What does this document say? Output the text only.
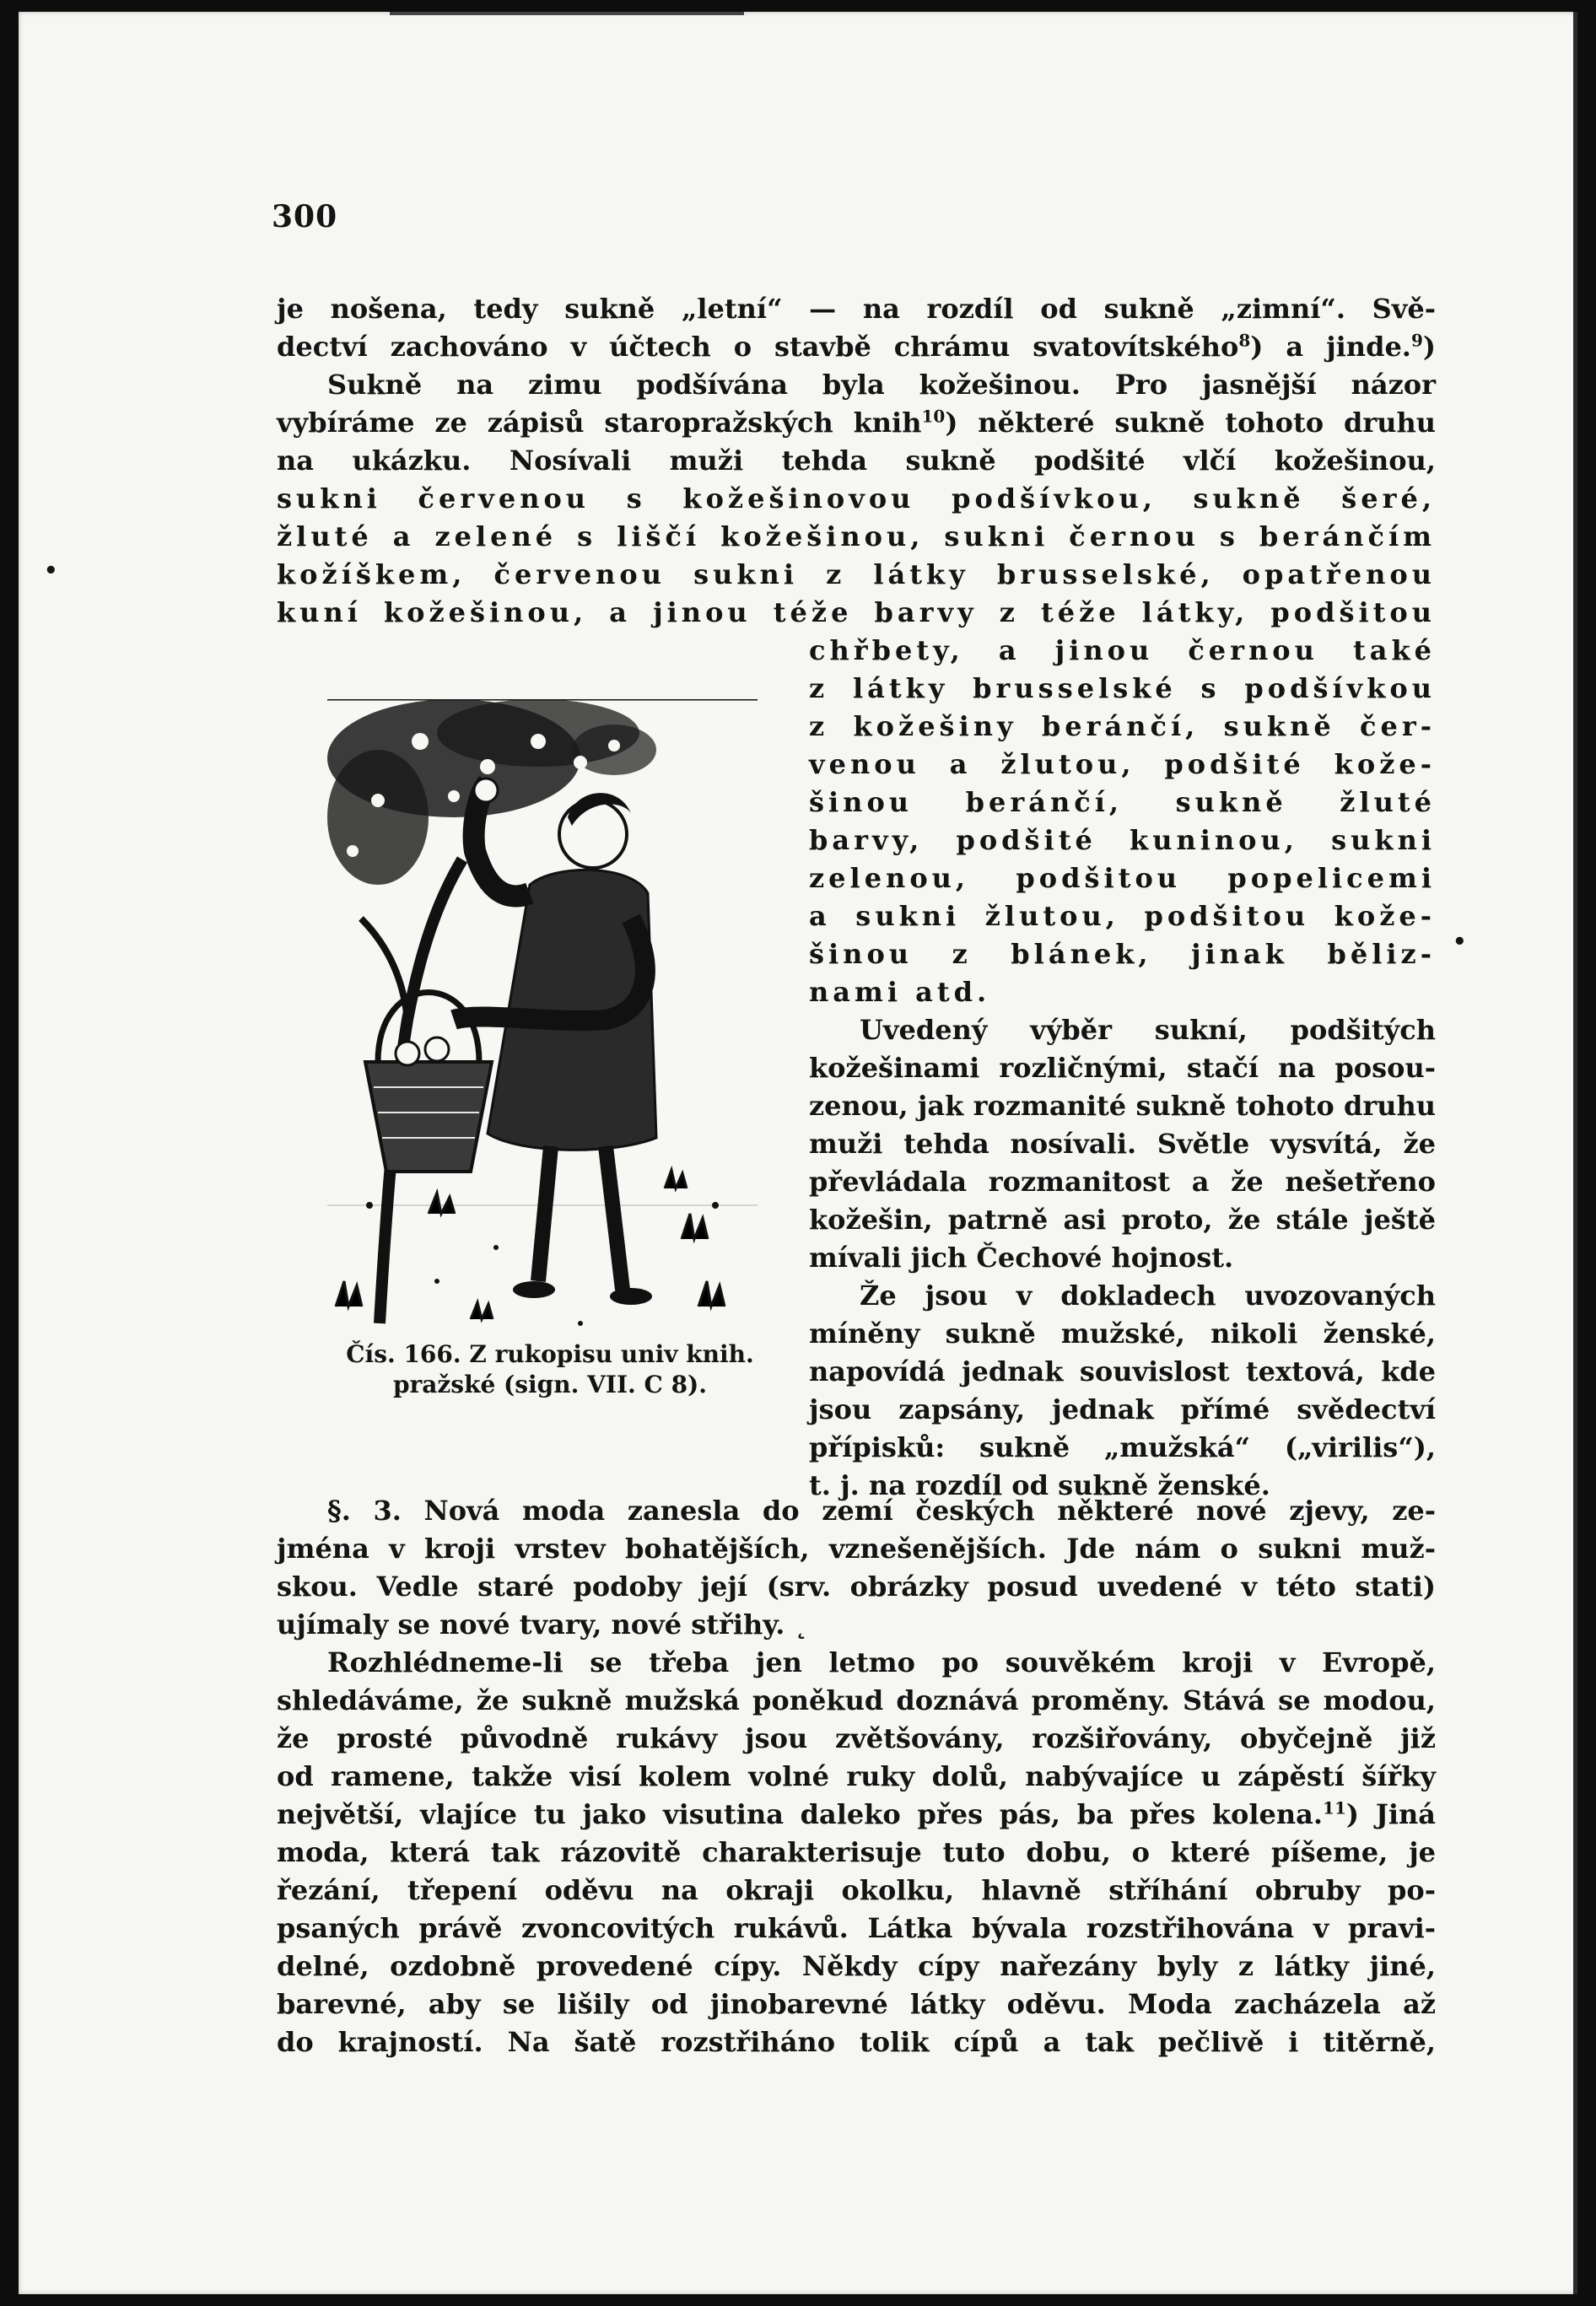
300
je nošena, tedy sukně „letní“ — na rozdíl od sukně „zimní“. Svě-
dectví zachováno v účtech o stavbě chrámu svatovítského$^8$) a jinde.$^9$)
Sukně na zimu podšívána byla kožešinou. Pro jasnější názor
vybíráme ze zápisů staropražských knih$^{10}$) některé sukně tohoto druhu
na ukázku. Nosívali muži tehda sukně podšité vlčí kožešinou,
sukni červenou s kožešinovou podšívkou, sukně šeré,
žluté a zelené s liščí kožešinou, sukni černou s beránčím
kožíškem, červenou sukni z látky brusselské, opatřenou
kuní kožešinou, a jinou téže barvy z téže látky, podšitou
chřbety, a jinou černou také
z látky brusselské s podšívkou
z kožešiny beránčí, sukně čer-
venou a žlutou, podšité kože-
šinou beránčí, sukně žluté
barvy, podšité kuninou, sukni
zelenou, podšitou popelicemi
a sukni žlutou, podšitou kože-
šinou z blánek, jinak běliz-
nami atd.
Uvedený výběr sukní, podšitých
kožešinami rozličnými, stačí na posou-
zenou, jak rozmanité sukně tohoto druhu
muži tehda nosívali. Světle vysvítá, že
převládala rozmanitost a že nešetřeno
kožešin, patrně asi proto, že stále ještě
mívali jich Čechové hojnost.
Že jsou v dokladech uvozovaných
míněny sukně mužské, nikoli ženské,
napovídá jednak souvislost textová, kde
jsou zapsány, jednak přímé svědectví
přípisků: sukně „mužská“ („virilis“),
t. j. na rozdíl od sukně ženské.
Čís. 166. Z rukopisu univ knih.
pražské (sign. VII. C 8).
§. 3. Nová moda zanesla do zemí českých některé nové zjevy, ze-
jména v kroji vrstev bohatějších, vznešenějších. Jde nám o sukni muž-
skou. Vedle staré podoby její (srv. obrázky posud uvedené v této stati)
ujímaly se nové tvary, nové střihy. ˛
Rozhlédneme-li se třeba jen letmo po souvěkém kroji v Evropě,
shledáváme, že sukně mužská poněkud doznává proměny. Stává se modou,
že prosté původně rukávy jsou zvětšovány, rozšiřovány, obyčejně již
od ramene, takže visí kolem volné ruky dolů, nabývajíce u zápěstí šířky
největší, vlajíce tu jako visutina daleko přes pás, ba přes kolena.$^{11}$) Jiná
moda, která tak rázovitě charakterisuje tuto dobu, o které píšeme, je
řezání, třepení oděvu na okraji okolku, hlavně stříhání obruby po-
psaných právě zvoncovitých rukávů. Látka bývala rozstřihována v pravi-
delné, ozdobně provedené cípy. Někdy cípy nařezány byly z látky jiné,
barevné, aby se lišily od jinobarevné látky oděvu. Moda zacházela až
do krajností. Na šatě rozstřiháno tolik cípů a tak pečlivě i titěrně,
•
•
